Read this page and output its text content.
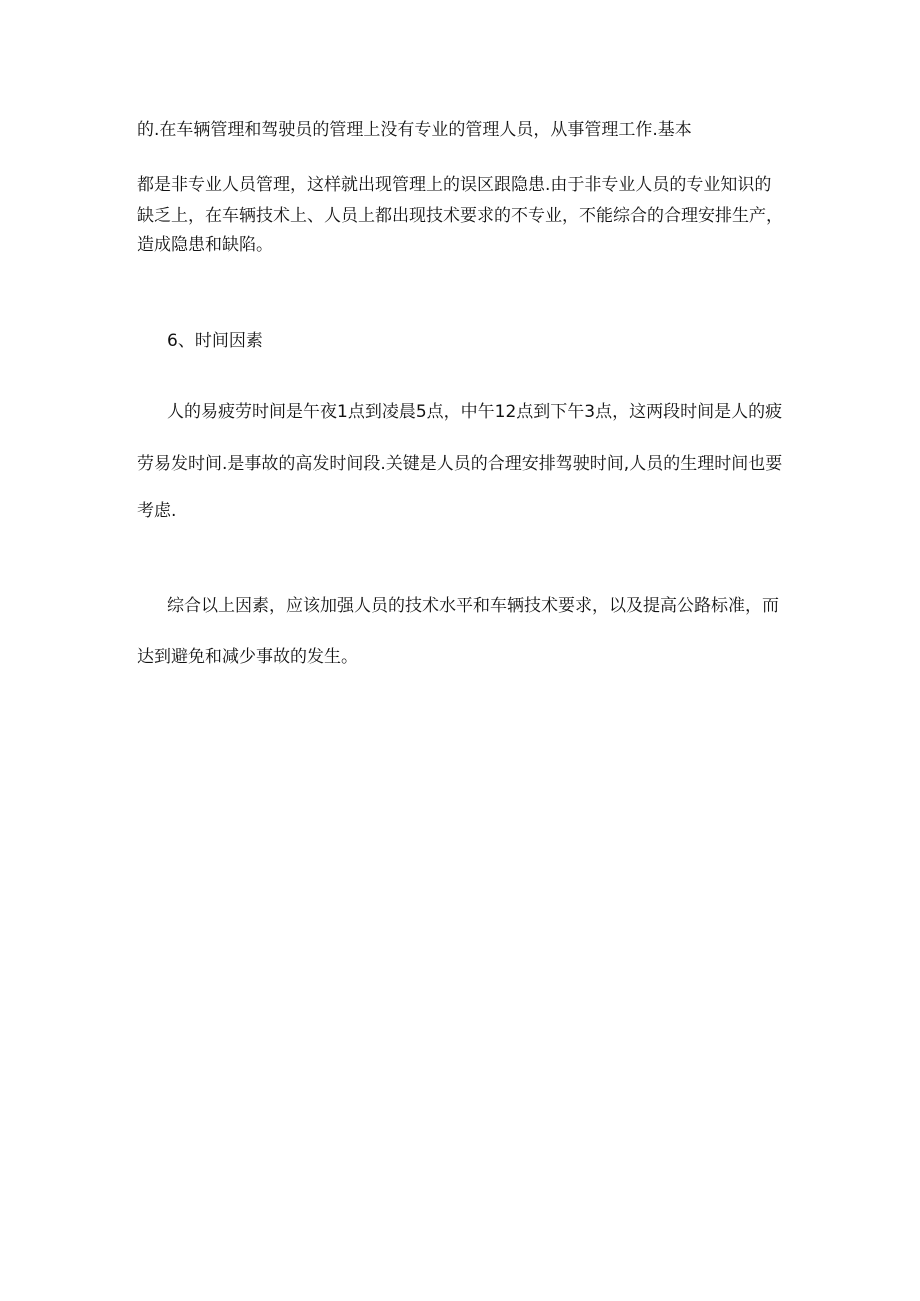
的.在车辆管理和驾驶员的管理上没有专业的管理人员，从事管理工作.基本
都是非专业人员管理，这样就出现管理上的误区跟隐患.由于非专业人员的专业知识的
缺乏上，在车辆技术上、人员上都出现技术要求的不专业，不能综合的合理安排生产，
造成隐患和缺陷。
6、时间因素
人的易疲劳时间是午夜1点到凌晨5点，中午12点到下午3点，这两段时间是人的疲
劳易发时间.是事故的高发时间段.关键是人员的合理安排驾驶时间,人员的生理时间也要
考虑.
综合以上因素，应该加强人员的技术水平和车辆技术要求，以及提高公路标准，而
达到避免和减少事故的发生。
